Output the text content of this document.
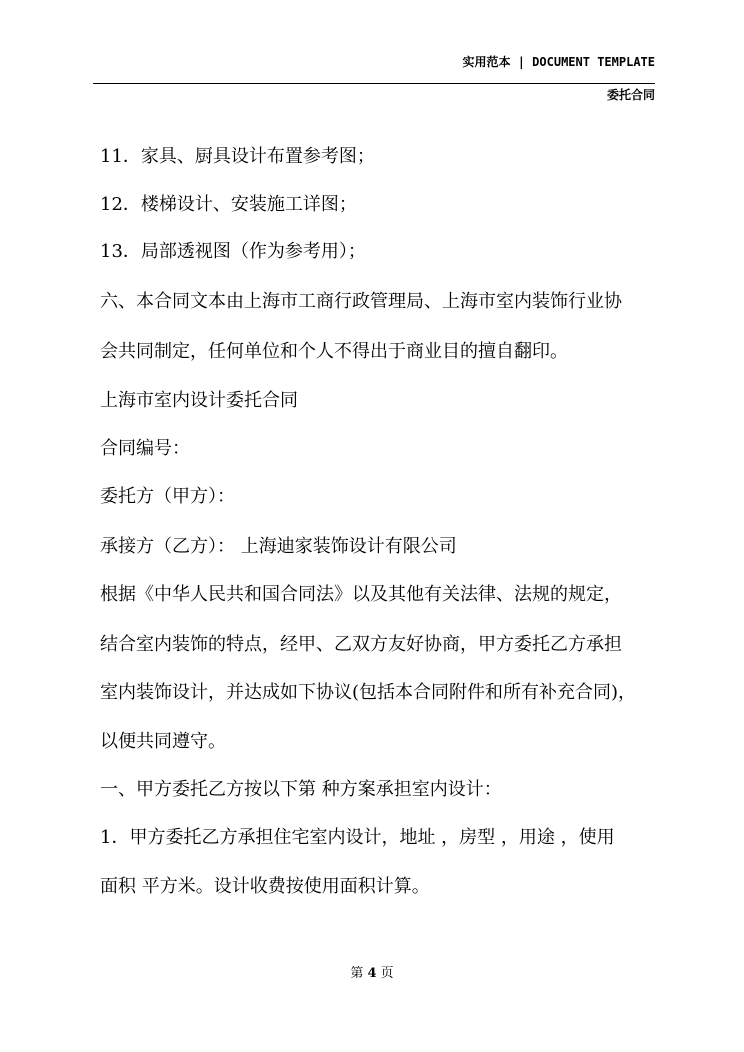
实用范本 | DOCUMENT TEMPLATE
委托合同
11．家具、厨具设计布置参考图；
12．楼梯设计、安装施工详图；
13．局部透视图（作为参考用）；
六、本合同文本由上海市工商行政管理局、上海市室内装饰行业协
会共同制定，任何单位和个人不得出于商业目的擅自翻印。
上海市室内设计委托合同
合同编号：
委托方（甲方）：
承接方（乙方）： 上海迪家装饰设计有限公司
根据《中华人民共和国合同法》以及其他有关法律、法规的规定，
结合室内装饰的特点，经甲、乙双方友好协商，甲方委托乙方承担
室内装饰设计，并达成如下协议(包括本合同附件和所有补充合同)，
以便共同遵守。
一、甲方委托乙方按以下第 种方案承担室内设计：
1．甲方委托乙方承担住宅室内设计，地址 ，房型 ，用途 ，使用
面积 平方米。设计收费按使用面积计算。
第 4 页
